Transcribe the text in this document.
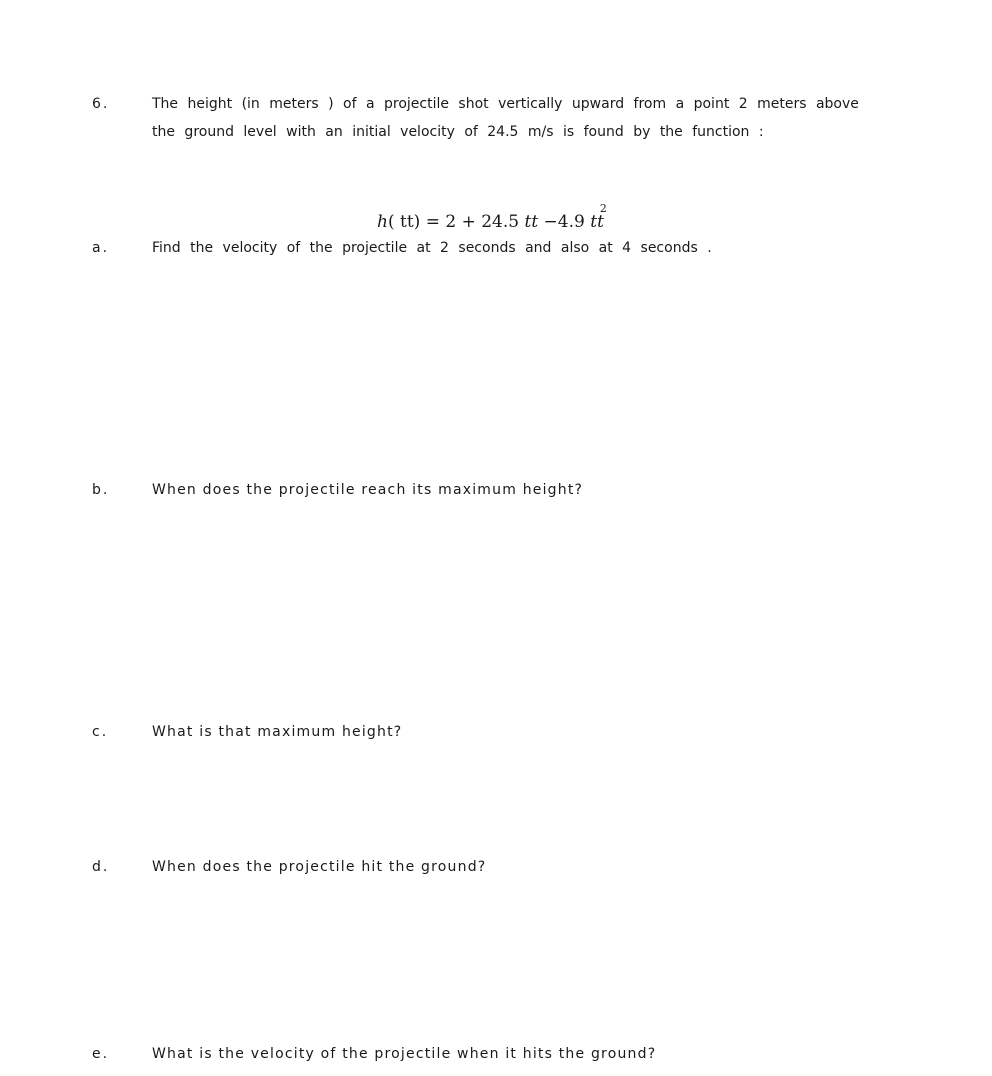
6.	The height (in meters ) of a projectile shot vertically upward from a point 2 meters above
the ground level with an initial velocity of 24.5 m/s is found by the function :
h( tt) = 2 + 24.5 tt −4.9 $tt^2$
a.	Find the velocity of the projectile at 2 seconds and also at 4 seconds .
b.	When does the projectile reach its maximum height?
c.	What is that maximum height?
d.	When does the projectile hit the ground?
e.	What is the velocity of the projectile when it hits the ground?
